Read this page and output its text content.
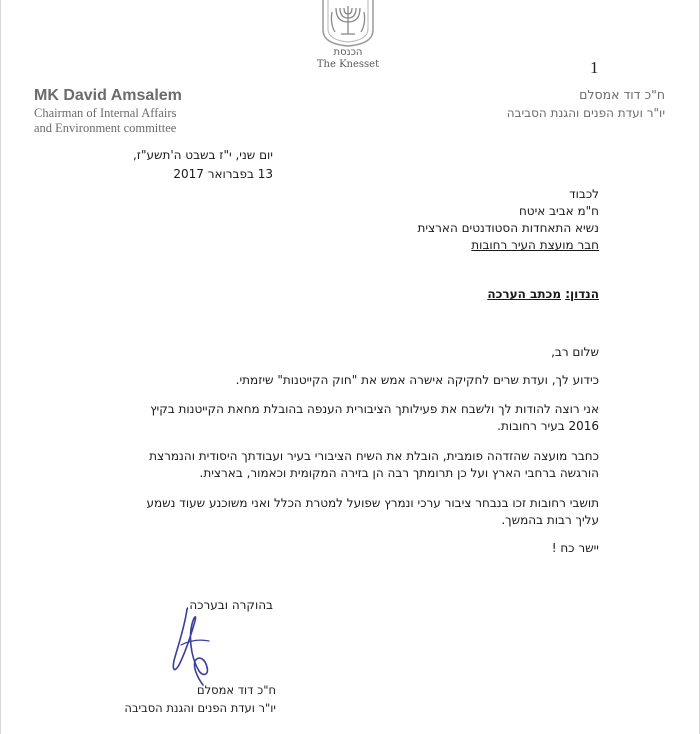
הכנסת
The Knesset
MK David Amsalem
Chairman of Internal Affairs
and Environment committee
1
ח"כ דוד אמסלם
יו"ר ועדת הפנים והגנת הסביבה
יום שני, י"ז בשבט ה'תשע"ז,
13 בפברואר 2017
לכבוד
ח"מ אביב איטח
נשיא התאחדות הסטודנטים הארצית
חבר מועצת העיר רחובות
הנדון: מכתב הערכה
שלום רב,
כידוע לך, ועדת שרים לחקיקה אישרה אמש את "חוק הקייטנות" שיזמתי.
אני רוצה להודות לך ולשבח את פעילותך הציבורית הענפה בהובלת מחאת הקייטנות בקיץ 2016 בעיר רחובות.
כחבר מועצה שהזדהה פומבית, הובלת את השיח הציבורי בעיר ועבודתך היסודית והנמרצת הורגשה ברחבי הארץ ועל כן תרומתך רבה הן בזירה המקומית וכאמור, בארצית.
תושבי רחובות זכו בנבחר ציבור ערכי ונמרץ שפועל למטרת הכלל ואני משוכנע שעוד נשמע עליך רבות בהמשך.
יישר כח !
בהוקרה ובערכה,
ח"כ דוד אמסלם
יו"ר ועדת הפנים והגנת הסביבה
